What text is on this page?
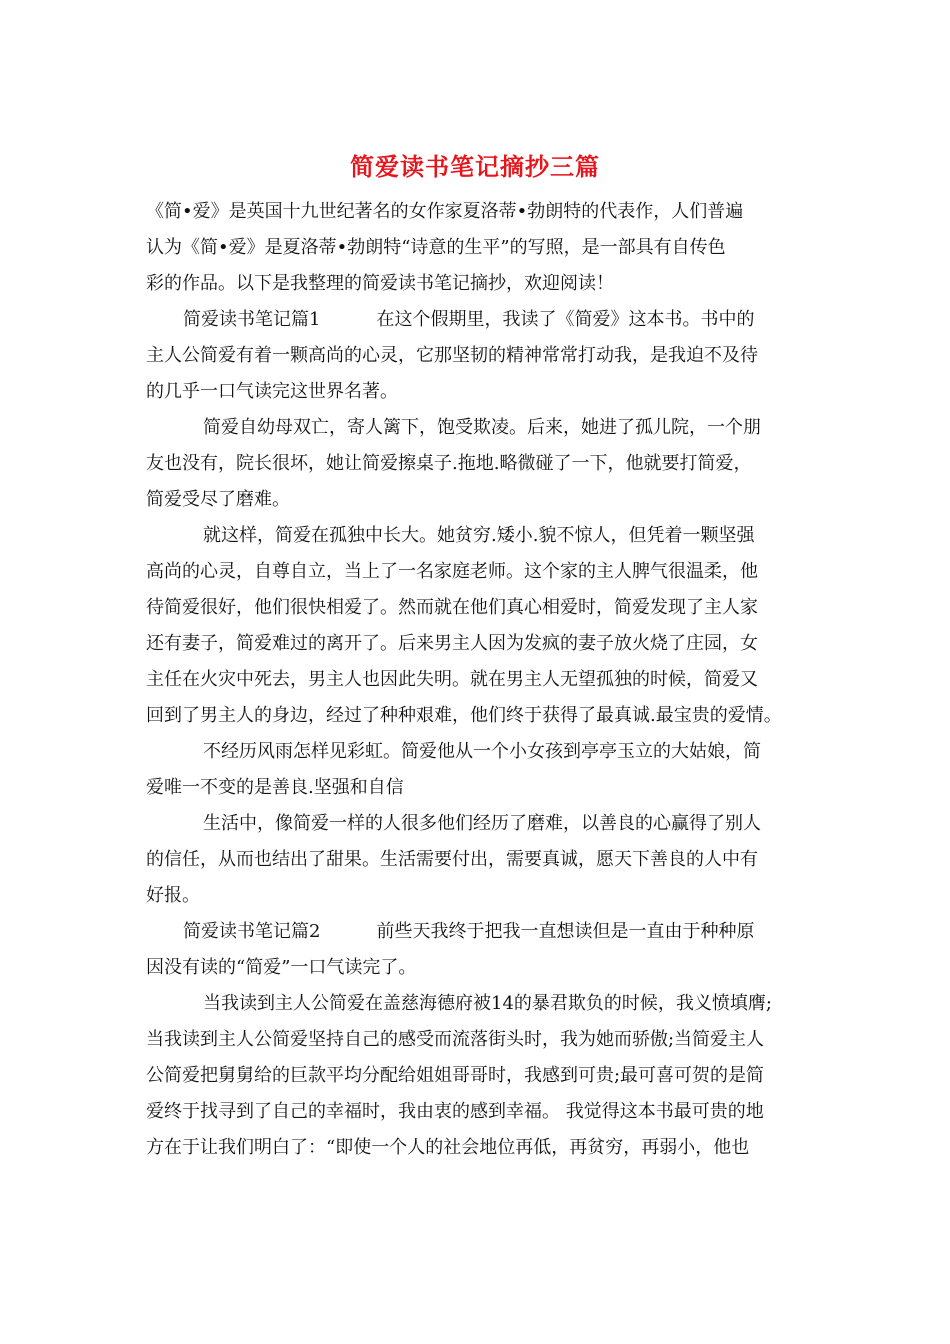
简爱读书笔记摘抄三篇
《简•爱》是英国十九世纪著名的女作家夏洛蒂•勃朗特的代表作，人们普遍
认为《简•爱》是夏洛蒂•勃朗特“诗意的生平”的写照，是一部具有自传色
彩的作品。以下是我整理的简爱读书笔记摘抄，欢迎阅读！
简爱读书笔记篇1	在这个假期里，我读了《简爱》这本书。书中的
主人公简爱有着一颗高尚的心灵，它那坚韧的精神常常打动我，是我迫不及待
的几乎一口气读完这世界名著。
简爱自幼母双亡，寄人篱下，饱受欺凌。后来，她进了孤儿院，一个朋
友也没有，院长很坏，她让简爱擦桌子.拖地.略微碰了一下，他就要打简爱，
简爱受尽了磨难。
就这样，简爱在孤独中长大。她贫穷.矮小.貌不惊人，但凭着一颗坚强
高尚的心灵，自尊自立，当上了一名家庭老师。这个家的主人脾气很温柔，他
待简爱很好，他们很快相爱了。然而就在他们真心相爱时，简爱发现了主人家
还有妻子，简爱难过的离开了。后来男主人因为发疯的妻子放火烧了庄园，女
主任在火灾中死去，男主人也因此失明。就在男主人无望孤独的时候，简爱又
回到了男主人的身边，经过了种种艰难，他们终于获得了最真诚.最宝贵的爱情。
不经历风雨怎样见彩虹。简爱他从一个小女孩到亭亭玉立的大姑娘，简
爱唯一不变的是善良.坚强和自信
生活中，像简爱一样的人很多他们经历了磨难，以善良的心赢得了别人
的信任，从而也结出了甜果。生活需要付出，需要真诚，愿天下善良的人中有
好报。
简爱读书笔记篇2	前些天我终于把我一直想读但是一直由于种种原
因没有读的“简爱”一口气读完了。
当我读到主人公简爱在盖慈海德府被14的暴君欺负的时候，我义愤填膺;
当我读到主人公简爱坚持自己的感受而流落街头时，我为她而骄傲;当简爱主人
公简爱把舅舅给的巨款平均分配给姐姐哥哥时，我感到可贵;最可喜可贺的是简
爱终于找寻到了自己的幸福时，我由衷的感到幸福。 我觉得这本书最可贵的地
方在于让我们明白了：“即使一个人的社会地位再低，再贫穷，再弱小，他也
